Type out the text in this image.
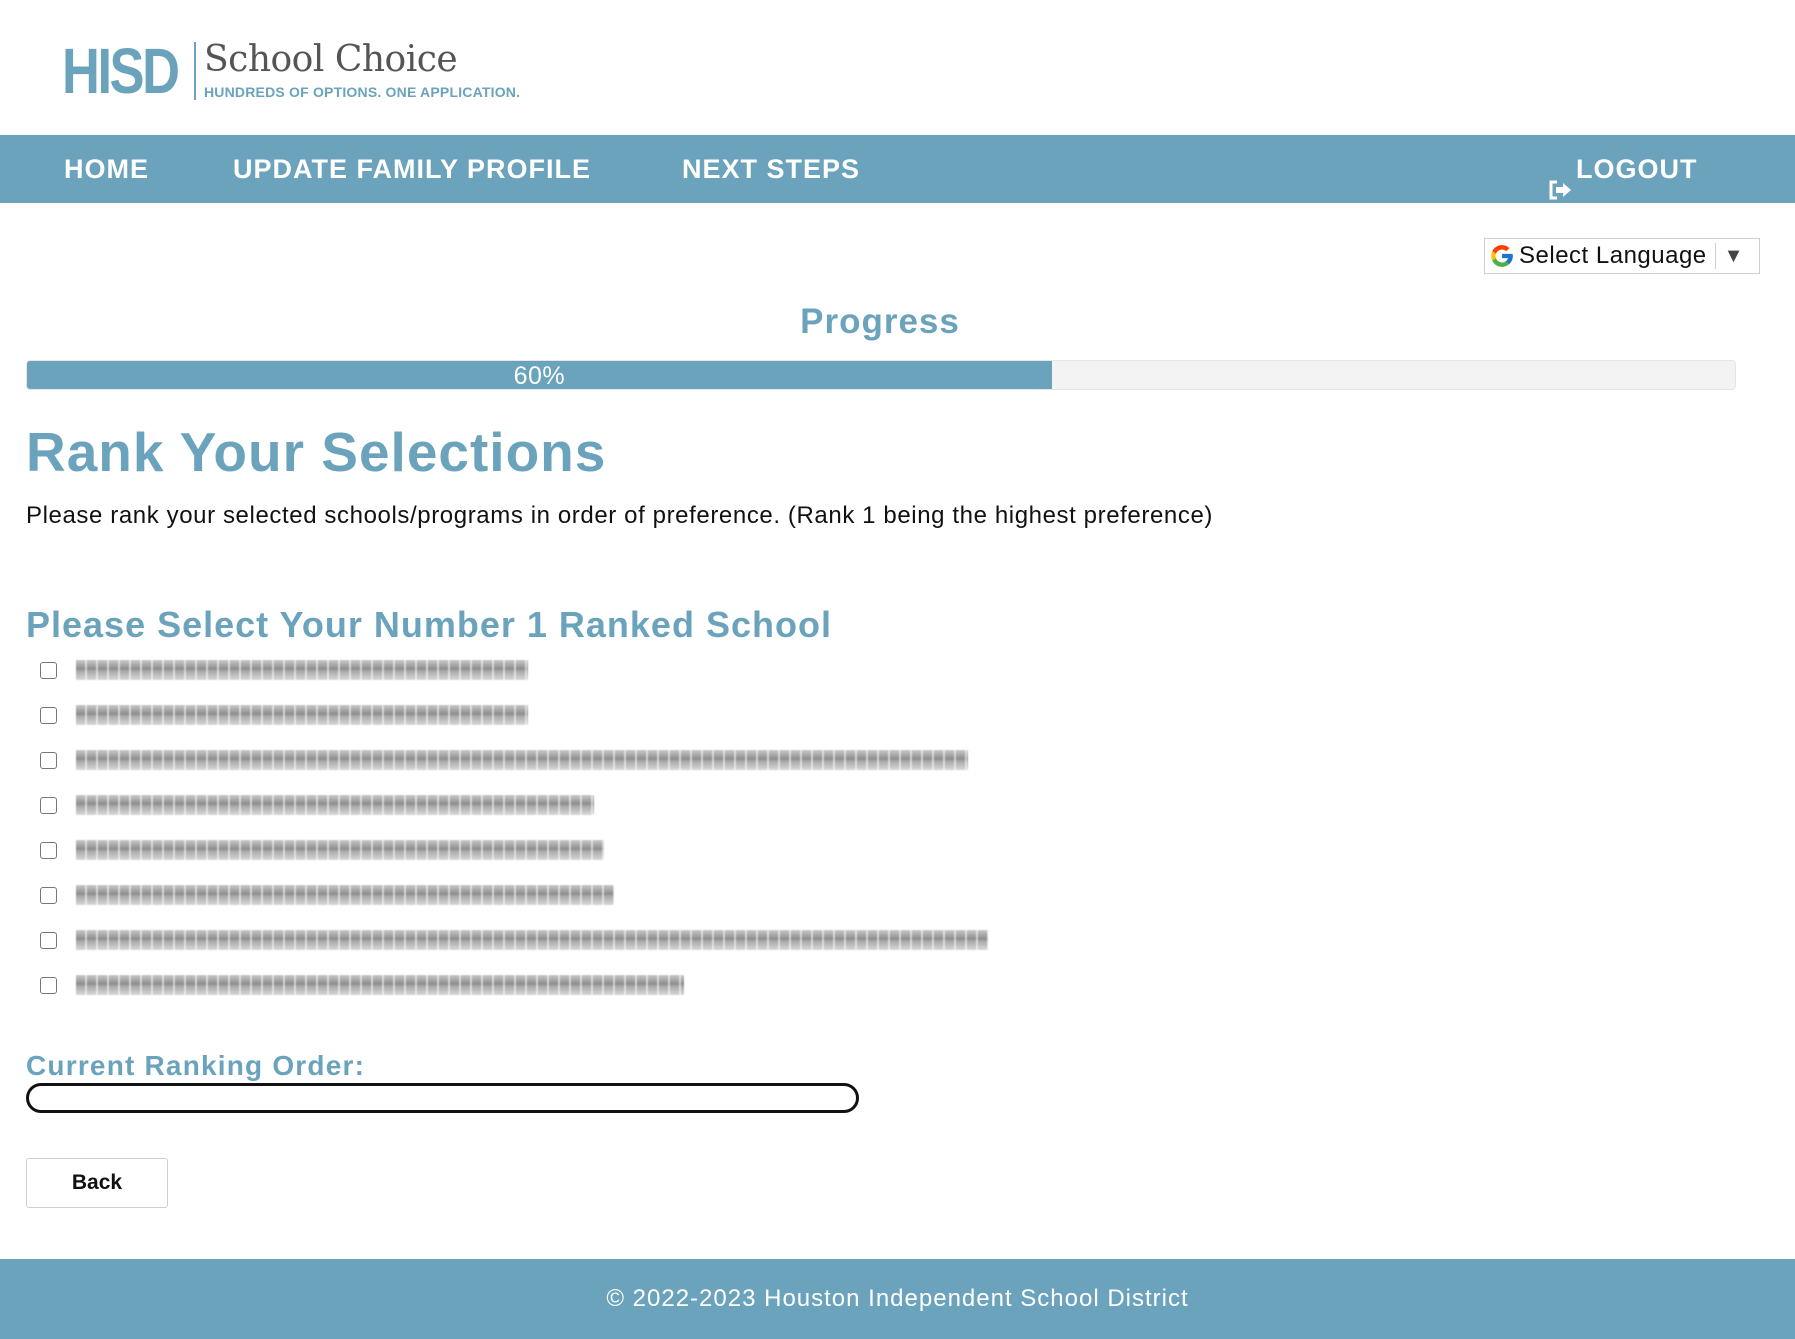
HISD School Choice
HUNDREDS OF OPTIONS. ONE APPLICATION.
HOME	UPDATE FAMILY PROFILE	NEXT STEPS	LOGOUT
Select Language ▼
Progress
60%
Rank Your Selections
Please rank your selected schools/programs in order of preference. (Rank 1 being the highest preference)
Please Select Your Number 1 Ranked School
Current Ranking Order:
Back
© 2022-2023 Houston Independent School District
